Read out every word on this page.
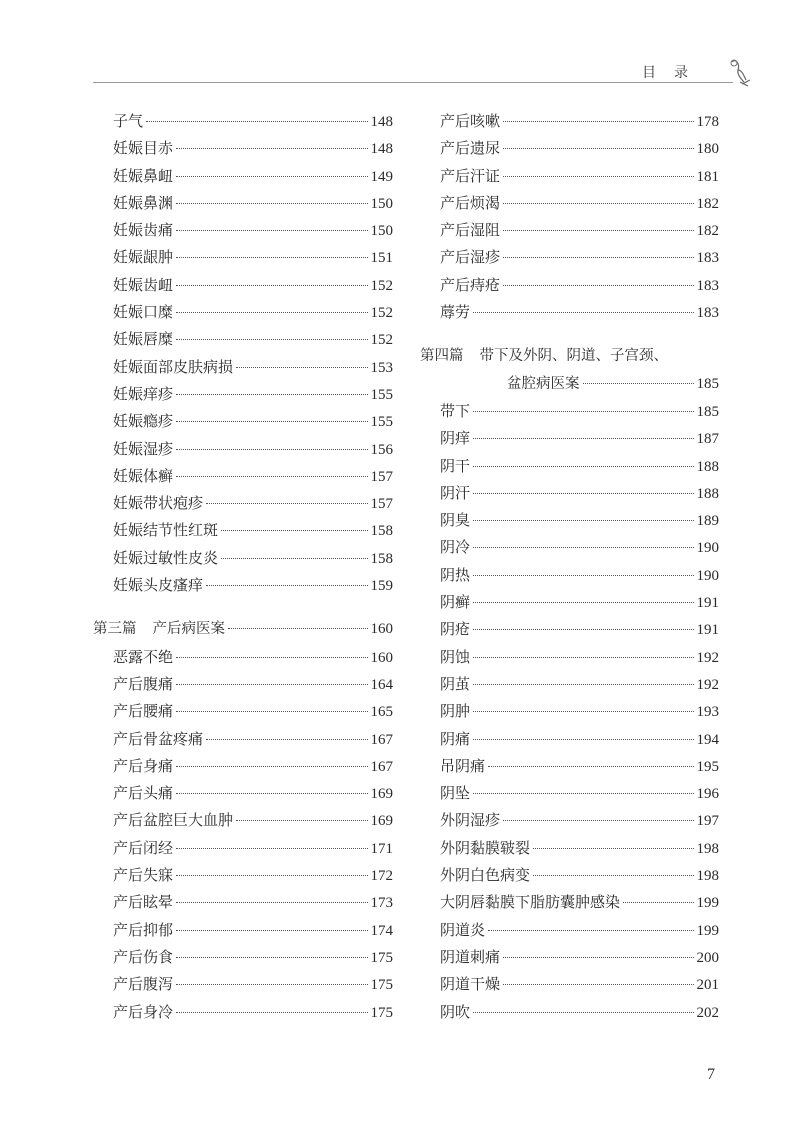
目录
子气	148
妊娠目赤	148
妊娠鼻衄	149
妊娠鼻渊	150
妊娠齿痛	150
妊娠龈肿	151
妊娠齿衄	152
妊娠口糜	152
妊娠唇糜	152
妊娠面部皮肤病损	153
妊娠痒疹	155
妊娠瘾疹	155
妊娠湿疹	156
妊娠体癣	157
妊娠带状疱疹	157
妊娠结节性红斑	158
妊娠过敏性皮炎	158
妊娠头皮瘙痒	159
第三篇 产后病医案	160
恶露不绝	160
产后腹痛	164
产后腰痛	165
产后骨盆疼痛	167
产后身痛	167
产后头痛	169
产后盆腔巨大血肿	169
产后闭经	171
产后失寐	172
产后眩晕	173
产后抑郁	174
产后伤食	175
产后腹泻	175
产后身冷	175
产后咳嗽	178
产后遗尿	180
产后汗证	181
产后烦渴	182
产后湿阻	182
产后湿疹	183
产后痔疮	183
蓐劳	183
第四篇 带下及外阴、阴道、子宫颈、
盆腔病医案	185
带下	185
阴痒	187
阴干	188
阴汗	188
阴臭	189
阴冷	190
阴热	190
阴癣	191
阴疮	191
阴蚀	192
阴茧	192
阴肿	193
阴痛	194
吊阴痛	195
阴坠	196
外阴湿疹	197
外阴黏膜皲裂	198
外阴白色病变	198
大阴唇黏膜下脂肪囊肿感染	199
阴道炎	199
阴道刺痛	200
阴道干燥	201
阴吹	202
7
